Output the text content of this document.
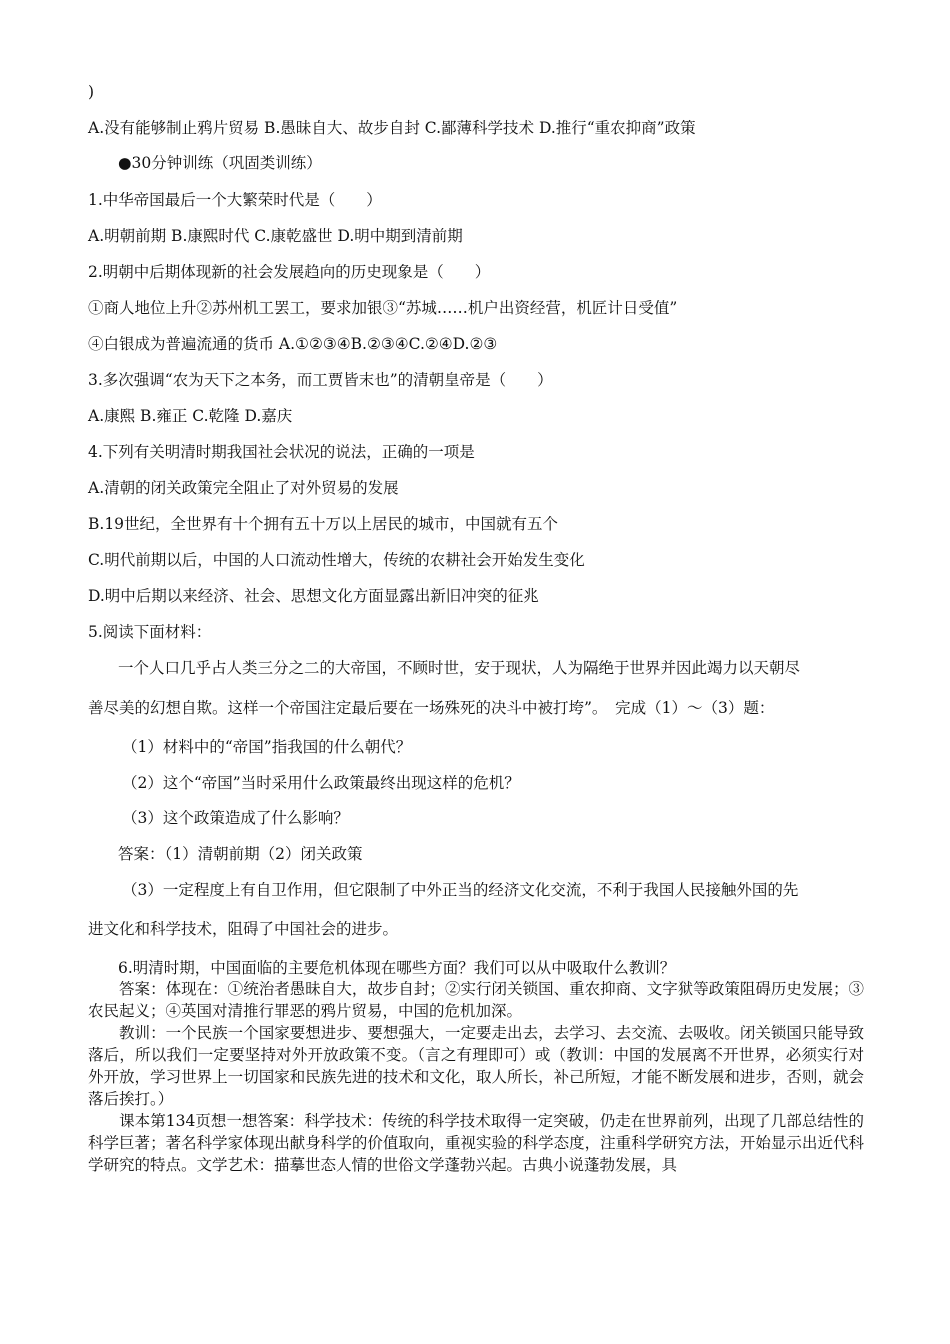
)
A.没有能够制止鸦片贸易 B.愚昧自大、故步自封 C.鄙薄科学技术 D.推行“重农抑商”政策
●30分钟训练（巩固类训练）
1.中华帝国最后一个大繁荣时代是（　　）
A.明朝前期 B.康熙时代 C.康乾盛世 D.明中期到清前期
2.明朝中后期体现新的社会发展趋向的历史现象是（　　）
①商人地位上升②苏州机工罢工，要求加银③“苏城……机户出资经营，机匠计日受值”
④白银成为普遍流通的货币 A.①②③④B.②③④C.②④D.②③
3.多次强调“农为天下之本务，而工贾皆末也”的清朝皇帝是（　　）
A.康熙 B.雍正 C.乾隆 D.嘉庆
4.下列有关明清时期我国社会状况的说法，正确的一项是
A.清朝的闭关政策完全阻止了对外贸易的发展
B.19世纪，全世界有十个拥有五十万以上居民的城市，中国就有五个
C.明代前期以后，中国的人口流动性增大，传统的农耕社会开始发生变化
D.明中后期以来经济、社会、思想文化方面显露出新旧冲突的征兆
5.阅读下面材料：
一个人口几乎占人类三分之二的大帝国，不顾时世，安于现状，人为隔绝于世界并因此竭力以天朝尽
善尽美的幻想自欺。这样一个帝国注定最后要在一场殊死的决斗中被打垮”。　完成（1）～（3）题：
（1）材料中的“帝国”指我国的什么朝代？
（2）这个“帝国”当时采用什么政策最终出现这样的危机？
（3）这个政策造成了什么影响？
答案：（1）清朝前期（2）闭关政策
（3）一定程度上有自卫作用，但它限制了中外正当的经济文化交流，不利于我国人民接触外国的先
进文化和科学技术，阻碍了中国社会的进步。
6.明清时期，中国面临的主要危机体现在哪些方面？我们可以从中吸取什么教训？

　　答案：体现在：①统治者愚昧自大，故步自封；②实行闭关锁国、重农抑商、文字狱等政策阻碍历史发展；③农民起义；④英国对清推行罪恶的鸦片贸易，中国的危机加深。

　　教训：一个民族一个国家要想进步、要想强大，一定要走出去，去学习、去交流、去吸收。闭关锁国只能导致落后，所以我们一定要坚持对外开放政策不变。（言之有理即可）或（教训：中国的发展离不开世界，必须实行对外开放，学习世界上一切国家和民族先进的技术和文化，取人所长，补己所短，才能不断发展和进步，否则，就会落后挨打。）

　　课本第134页想一想答案：科学技术：传统的科学技术取得一定突破，仍走在世界前列，出现了几部总结性的科学巨著；著名科学家体现出献身科学的价值取向，重视实验的科学态度，注重科学研究方法，开始显示出近代科学研究的特点。文学艺术：描摹世态人情的世俗文学蓬勃兴起。古典小说蓬勃发展，具
